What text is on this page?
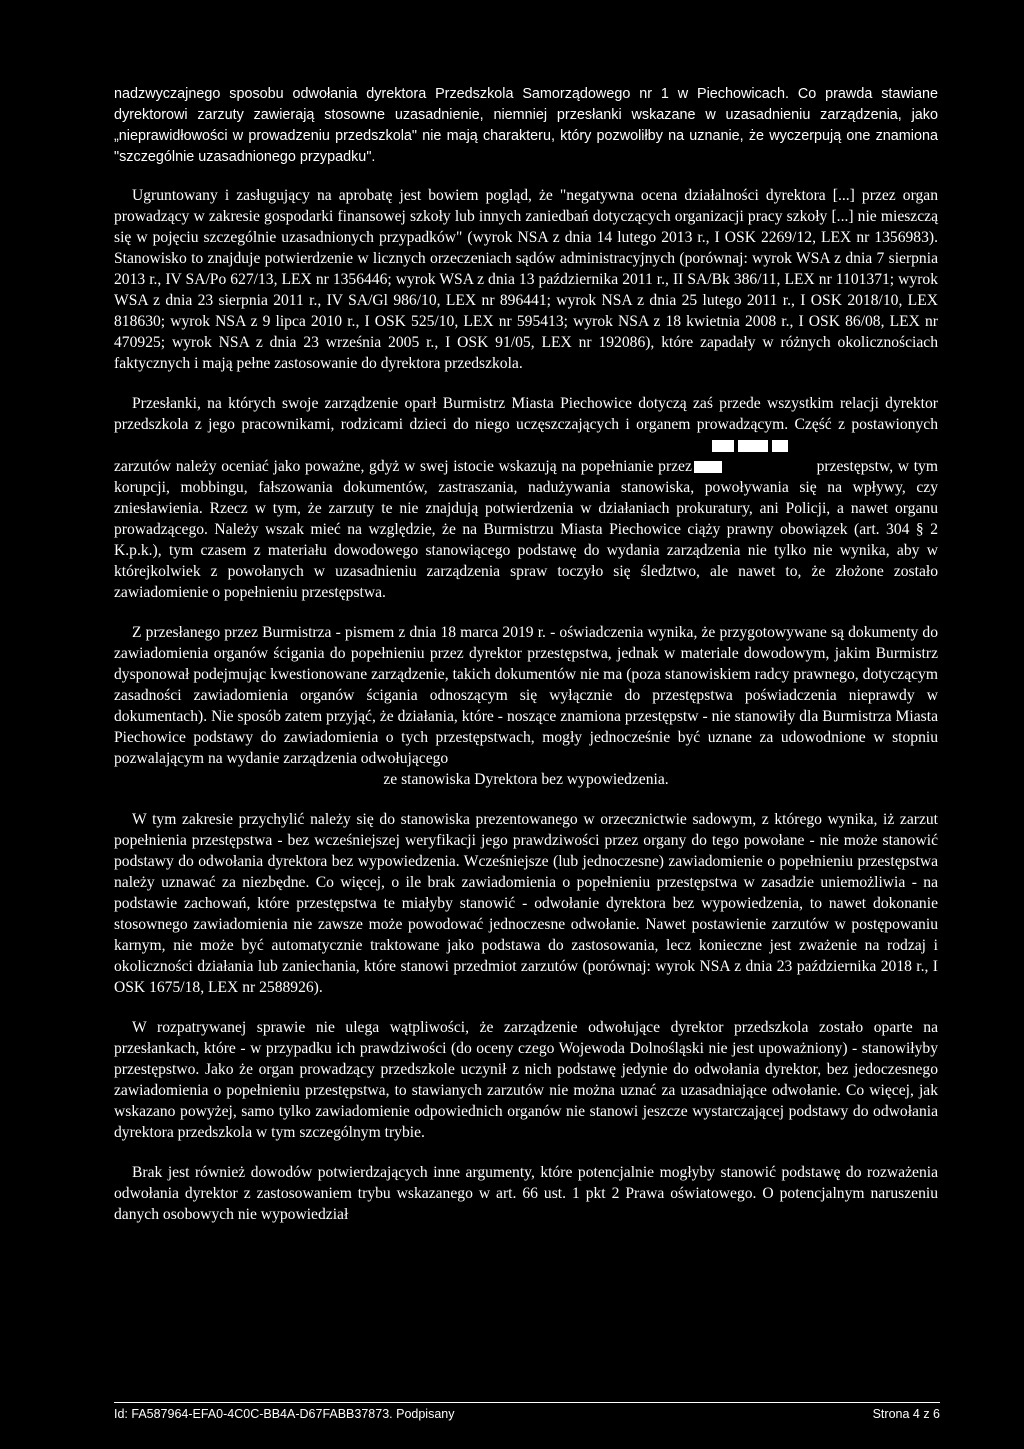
nadzwyczajnego sposobu odwołania dyrektora Przedszkola Samorządowego nr 1 w Piechowicach. Co prawda stawiane dyrektorowi zarzuty zawierają stosowne uzasadnienie, niemniej przesłanki wskazane w uzasadnieniu zarządzenia, jako „nieprawidłowości w prowadzeniu przedszkola" nie mają charakteru, który pozwoliłby na uznanie, że wyczerpują one znamiona "szczególnie uzasadnionego przypadku".

Ugruntowany i zasługujący na aprobatę jest bowiem pogląd, że "negatywna ocena działalności dyrektora [...] przez organ prowadzący w zakresie gospodarki finansowej szkoły lub innych zaniedbań dotyczących organizacji pracy szkoły [...] nie mieszczą się w pojęciu szczególnie uzasadnionych przypadków" (wyrok NSA z dnia 14 lutego 2013 r., I OSK 2269/12, LEX nr 1356983). Stanowisko to znajduje potwierdzenie w licznych orzeczeniach sądów administracyjnych (porównaj: wyrok WSA z dnia 7 sierpnia 2013 r., IV SA/Po 627/13, LEX nr 1356446; wyrok WSA z dnia 13 października 2011 r., II SA/Bk 386/11, LEX nr 1101371; wyrok WSA z dnia 23 sierpnia 2011 r., IV SA/Gl 986/10, LEX nr 896441; wyrok NSA z dnia 25 lutego 2011 r., I OSK 2018/10, LEX 818630; wyrok NSA z 9 lipca 2010 r., I OSK 525/10, LEX nr 595413; wyrok NSA z 18 kwietnia 2008 r., I OSK 86/08, LEX nr 470925; wyrok NSA z dnia 23 września 2005 r., I OSK 91/05, LEX nr 192086), które zapadały w różnych okolicznościach faktycznych i mają pełne zastosowanie do dyrektora przedszkola.

Przesłanki, na których swoje zarządzenie oparł Burmistrz Miasta Piechowice dotyczą zaś przede wszystkim relacji dyrektor przedszkola z jego pracownikami, rodzicami dzieci do niego uczęszczających i organem prowadzącym. Część z postawionych zarzutów należy oceniać jako poważne, gdyż w swej istocie wskazują na popełnianie przez	przestępstw, w tym korupcji, mobbingu, fałszowania dokumentów, zastraszania, nadużywania stanowiska, powoływania się na wpływy, czy zniesławienia. Rzecz w tym, że zarzuty te nie znajdują potwierdzenia w działaniach prokuratury, ani Policji, a nawet organu prowadzącego. Należy wszak mieć na względzie, że na Burmistrzu Miasta Piechowice ciąży prawny obowiązek (art. 304 § 2 K.p.k.), tym czasem z materiału dowodowego stanowiącego podstawę do wydania zarządzenia nie tylko nie wynika, aby w którejkolwiek z powołanych w uzasadnieniu zarządzenia spraw toczyło się śledztwo, ale nawet to, że złożone zostało zawiadomienie o popełnieniu przestępstwa.

Z przesłanego przez Burmistrza - pismem z dnia 18 marca 2019 r. - oświadczenia wynika, że przygotowywane są dokumenty do zawiadomienia organów ścigania do popełnieniu przez dyrektor przestępstwa, jednak w materiale dowodowym, jakim Burmistrz dysponował podejmując kwestionowane zarządzenie, takich dokumentów nie ma (poza stanowiskiem radcy prawnego, dotyczącym zasadności zawiadomienia organów ścigania odnoszącym się wyłącznie do przestępstwa poświadczenia nieprawdy w dokumentach). Nie sposób zatem przyjąć, że działania, które - noszące znamiona przestępstw - nie stanowiły dla Burmistrza Miasta Piechowice podstawy do zawiadomienia o tych przestępstwach, mogły jednocześnie być uznane za udowodnione w stopniu pozwalającym na wydanie zarządzenia odwołującego

ze stanowiska Dyrektora bez wypowiedzenia.

W tym zakresie przychylić należy się do stanowiska prezentowanego w orzecznictwie sadowym, z którego wynika, iż zarzut popełnienia przestępstwa - bez wcześniejszej weryfikacji jego prawdziwości przez organy do tego powołane - nie może stanowić podstawy do odwołania dyrektora bez wypowiedzenia. Wcześniejsze (lub jednoczesne) zawiadomienie o popełnieniu przestępstwa należy uznawać za niezbędne. Co więcej, o ile brak zawiadomienia o popełnieniu przestępstwa w zasadzie uniemożliwia - na podstawie zachowań, które przestępstwa te miałyby stanowić - odwołanie dyrektora bez wypowiedzenia, to nawet dokonanie stosownego zawiadomienia nie zawsze może powodować jednoczesne odwołanie. Nawet postawienie zarzutów w postępowaniu karnym, nie może być automatycznie traktowane jako podstawa do zastosowania, lecz konieczne jest zważenie na rodzaj i okoliczności działania lub zaniechania, które stanowi przedmiot zarzutów (porównaj: wyrok NSA z dnia 23 października 2018 r., I OSK 1675/18, LEX nr 2588926).

W rozpatrywanej sprawie nie ulega wątpliwości, że zarządzenie odwołujące dyrektor przedszkola zostało oparte na przesłankach, które - w przypadku ich prawdziwości (do oceny czego Wojewoda Dolnośląski nie jest upoważniony) - stanowiłyby przestępstwo. Jako że organ prowadzący przedszkole uczynił z nich podstawę jedynie do odwołania dyrektor, bez jedoczesnego zawiadomienia o popełnieniu przestępstwa, to stawianych zarzutów nie można uznać za uzasadniające odwołanie. Co więcej, jak wskazano powyżej, samo tylko zawiadomienie odpowiednich organów nie stanowi jeszcze wystarczającej podstawy do odwołania dyrektora przedszkola w tym szczególnym trybie.

Brak jest również dowodów potwierdzających inne argumenty, które potencjalnie mogłyby stanowić podstawę do rozważenia odwołania dyrektor z zastosowaniem trybu wskazanego w art. 66 ust. 1 pkt 2 Prawa oświatowego. O potencjalnym naruszeniu danych osobowych nie wypowiedział

Id: FA587964-EFA0-4C0C-BB4A-D67FABB37873. Podpisany	Strona 4 z 6
